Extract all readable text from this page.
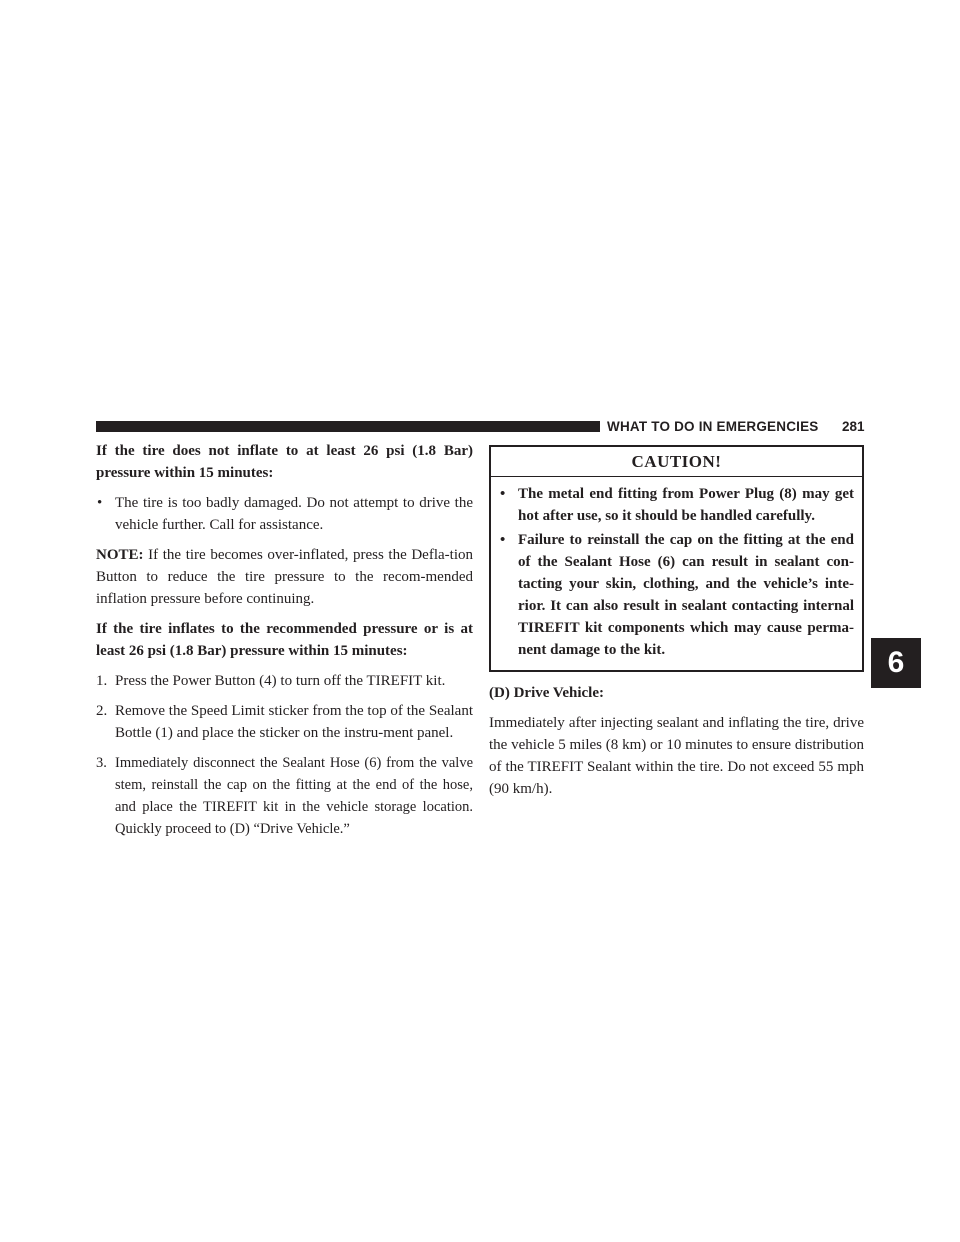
WHAT TO DO IN EMERGENCIES 281

If the tire does not inflate to at least 26 psi (1.8 Bar) pressure within 15 minutes:

• The tire is too badly damaged. Do not attempt to drive the vehicle further. Call for assistance.

NOTE: If the tire becomes over-inflated, press the Defla-tion Button to reduce the tire pressure to the recom-mended inflation pressure before continuing.

If the tire inflates to the recommended pressure or is at least 26 psi (1.8 Bar) pressure within 15 minutes:

1. Press the Power Button (4) to turn off the TIREFIT kit.
2. Remove the Speed Limit sticker from the top of the Sealant Bottle (1) and place the sticker on the instru-ment panel.
3. Immediately disconnect the Sealant Hose (6) from the valve stem, reinstall the cap on the fitting at the end of the hose, and place the TIREFIT kit in the vehicle storage location. Quickly proceed to (D) “Drive Vehicle.”
CAUTION!
• The metal end fitting from Power Plug (8) may get hot after use, so it should be handled carefully.
• Failure to reinstall the cap on the fitting at the end of the Sealant Hose (6) can result in sealant con-tacting your skin, clothing, and the vehicle’s inte-rior. It can also result in sealant contacting internal TIREFIT kit components which may cause perma-nent damage to the kit.

(D) Drive Vehicle:

Immediately after injecting sealant and inflating the tire, drive the vehicle 5 miles (8 km) or 10 minutes to ensure distribution of the TIREFIT Sealant within the tire. Do not exceed 55 mph (90 km/h).

6
